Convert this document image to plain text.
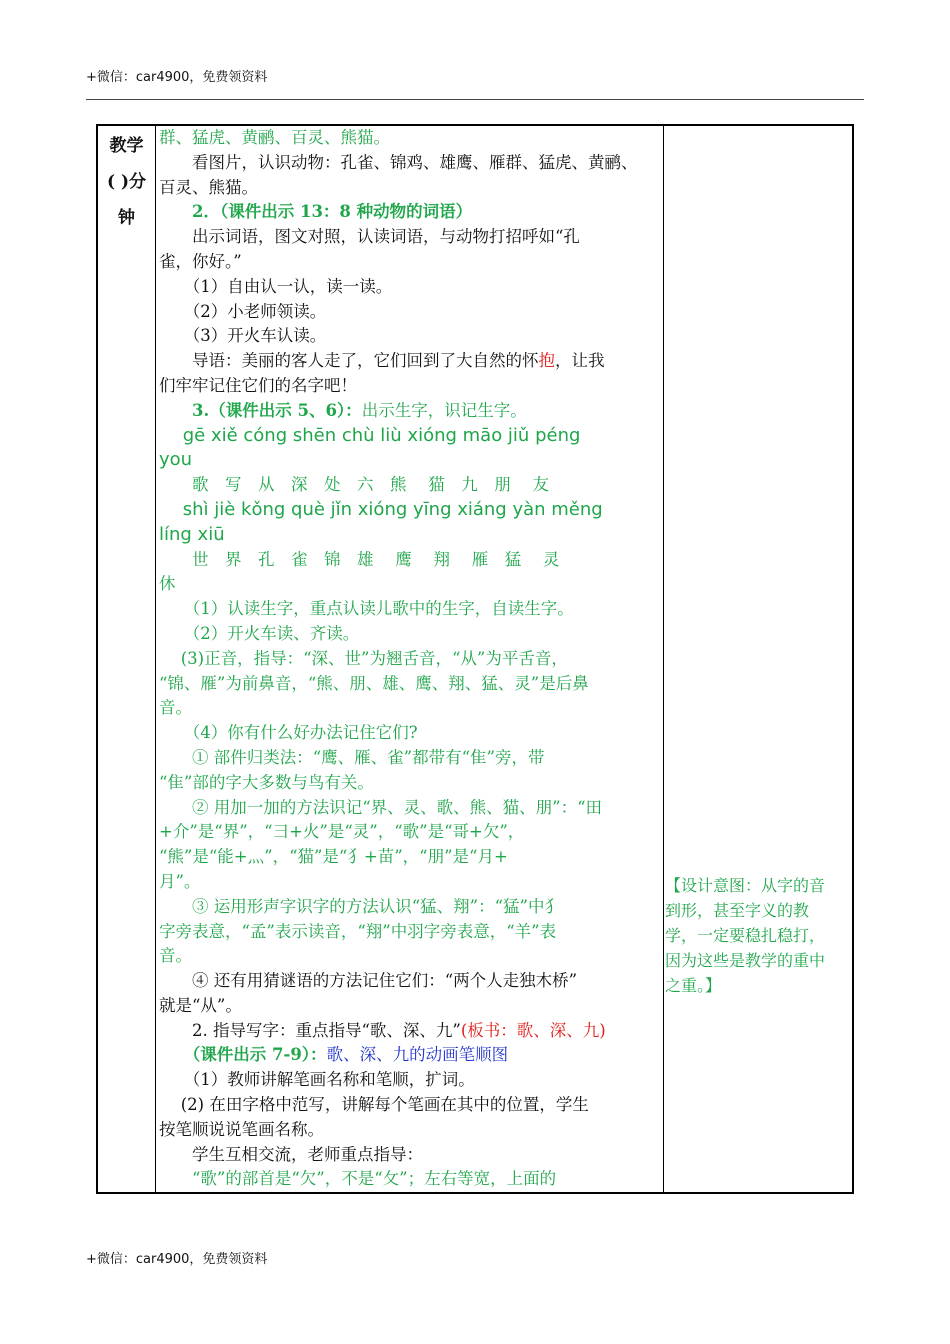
+微信：car4900，免费领资料
教学
( )分
钟
群、猛虎、黄鹂、百灵、熊猫。
　　看图片，认识动物：孔雀、锦鸡、雄鹰、雁群、猛虎、黄鹂、
百灵、熊猫。
　　2．（课件出示 13：8 种动物的词语）
　　出示词语，图文对照，认读词语，与动物打招呼如“孔
雀，你好。”
　　（1）自由认一认，读一读。
　　（2）小老师领读。
　　（3）开火车认读。
　　导语：美丽的客人走了，它们回到了大自然的怀抱，让我
们牢牢记住它们的名字吧！
　　3.（课件出示 5、6）：出示生字，识记生字。
　 gē xiě cóng shēn chù liù xióng māo jiǔ péng
you
　　歌　写　从　深　处　六　熊　 猫　九　朋　 友
　 shì jiè kǒng què jǐn xióng yīng xiáng yàn měng
líng xiū
　　世　界　孔　雀　锦　雄　 鹰　 翔　 雁　猛　 灵
休
　　（1）认读生字，重点认读儿歌中的生字，自读生字。
　　（2）开火车读、齐读。
　 (3)正音，指导：“深、世”为翘舌音，“从”为平舌音，
“锦、雁”为前鼻音，“熊、朋、雄、鹰、翔、猛、灵”是后鼻
音。
　　（4）你有什么好办法记住它们?
　　① 部件归类法：“鹰、雁、雀”都带有“隹”旁，带
“隹”部的字大多数与鸟有关。
　　② 用加一加的方法识记“界、灵、歌、熊、猫、朋”：“田
+介”是“界”，“彐+火”是“灵”，“歌”是“哥+欠”，
“熊”是“能+灬”，“猫”是“犭+苗”，“朋”是“月+
月”。
　　③ 运用形声字识字的方法认识“猛、翔”：“猛”中犭
字旁表意，“孟”表示读音，“翔”中羽字旁表意，“羊”表
音。
　　④ 还有用猜谜语的方法记住它们：“两个人走独木桥”
就是“从”。
　　2. 指导写字：重点指导“歌、深、九”(板书：歌、深、九)
　　（课件出示 7-9）：歌、深、九的动画笔顺图
　　（1）教师讲解笔画名称和笔顺，扩词。
　 (2) 在田字格中范写，讲解每个笔画在其中的位置，学生
按笔顺说说笔画名称。
　　学生互相交流，老师重点指导：
　　“歌”的部首是“欠”，不是“攵”；左右等宽，上面的
【设计意图：从字的音
到形，甚至字义的教
学，一定要稳扎稳打，
因为这些是教学的重中
之重。】
+微信：car4900，免费领资料
